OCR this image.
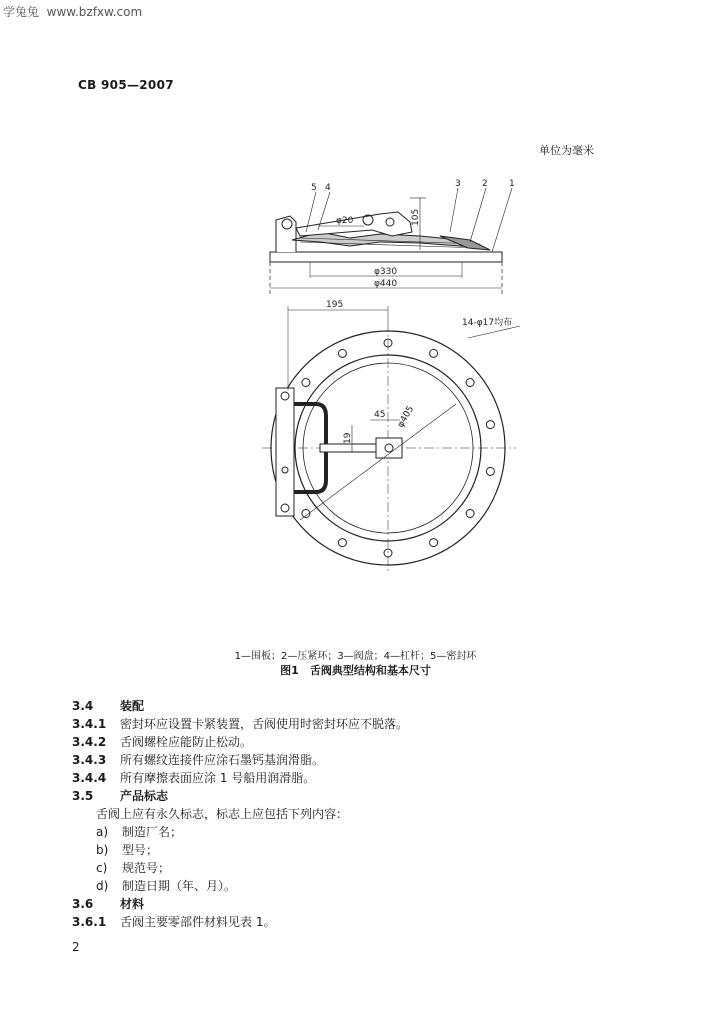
学兔兔  www.bzfxw.com
CB 905—2007
单位为毫米
5 4	3 2 1
φ20	105
φ330
φ440
195
14-φ17均布
45
19
φ405
1—围板；2—压紧环；3—阀盘；4—杠杆；5—密封环
图1　舌阀典型结构和基本尺寸
3.4 装配
3.4.1 密封环应设置卡紧装置，舌阀使用时密封环应不脱落。
3.4.2 舌阀螺栓应能防止松动。
3.4.3 所有螺纹连接件应涂石墨钙基润滑脂。
3.4.4 所有摩擦表面应涂 1 号船用润滑脂。
3.5 产品标志
舌阀上应有永久标志，标志上应包括下列内容：
a) 制造厂名；
b) 型号；
c) 规范号；
d) 制造日期（年、月）。
3.6 材料
3.6.1 舌阀主要零部件材料见表 1。
2
